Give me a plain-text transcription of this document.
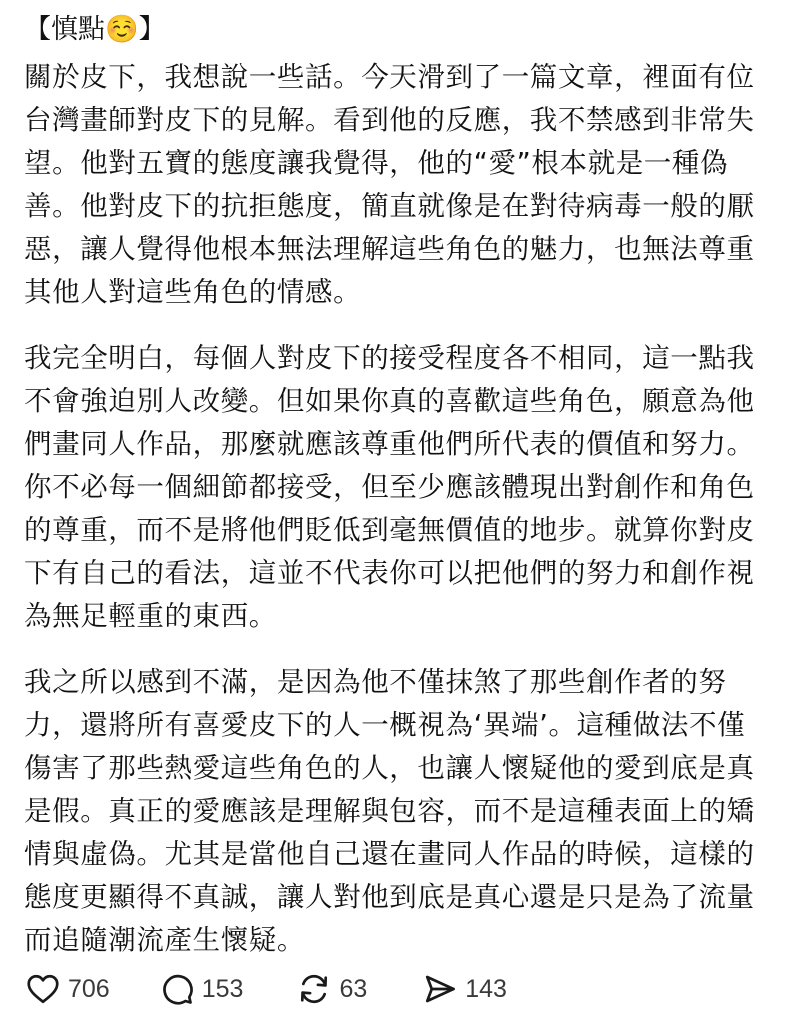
【慎點☺️】

關於皮下，我想說一些話。今天滑到了一篇文章，裡面有位台灣畫師對皮下的見解。看到他的反應，我不禁感到非常失望。他對五寶的態度讓我覺得，他的“愛”根本就是一種偽善。他對皮下的抗拒態度，簡直就像是在對待病毒一般的厭惡，讓人覺得他根本無法理解這些角色的魅力，也無法尊重其他人對這些角色的情感。

我完全明白，每個人對皮下的接受程度各不相同，這一點我不會強迫別人改變。但如果你真的喜歡這些角色，願意為他們畫同人作品，那麼就應該尊重他們所代表的價值和努力。你不必每一個細節都接受，但至少應該體現出對創作和角色的尊重，而不是將他們貶低到毫無價值的地步。就算你對皮下有自己的看法，這並不代表你可以把他們的努力和創作視為無足輕重的東西。

我之所以感到不滿，是因為他不僅抹煞了那些創作者的努力，還將所有喜愛皮下的人一概視為‘異端’。這種做法不僅傷害了那些熱愛這些角色的人，也讓人懷疑他的愛到底是真是假。真正的愛應該是理解與包容，而不是這種表面上的矯情與虛偽。尤其是當他自己還在畫同人作品的時候，這樣的態度更顯得不真誠，讓人對他到底是真心還是只是為了流量而追隨潮流產生懷疑。

706	153	63	143
